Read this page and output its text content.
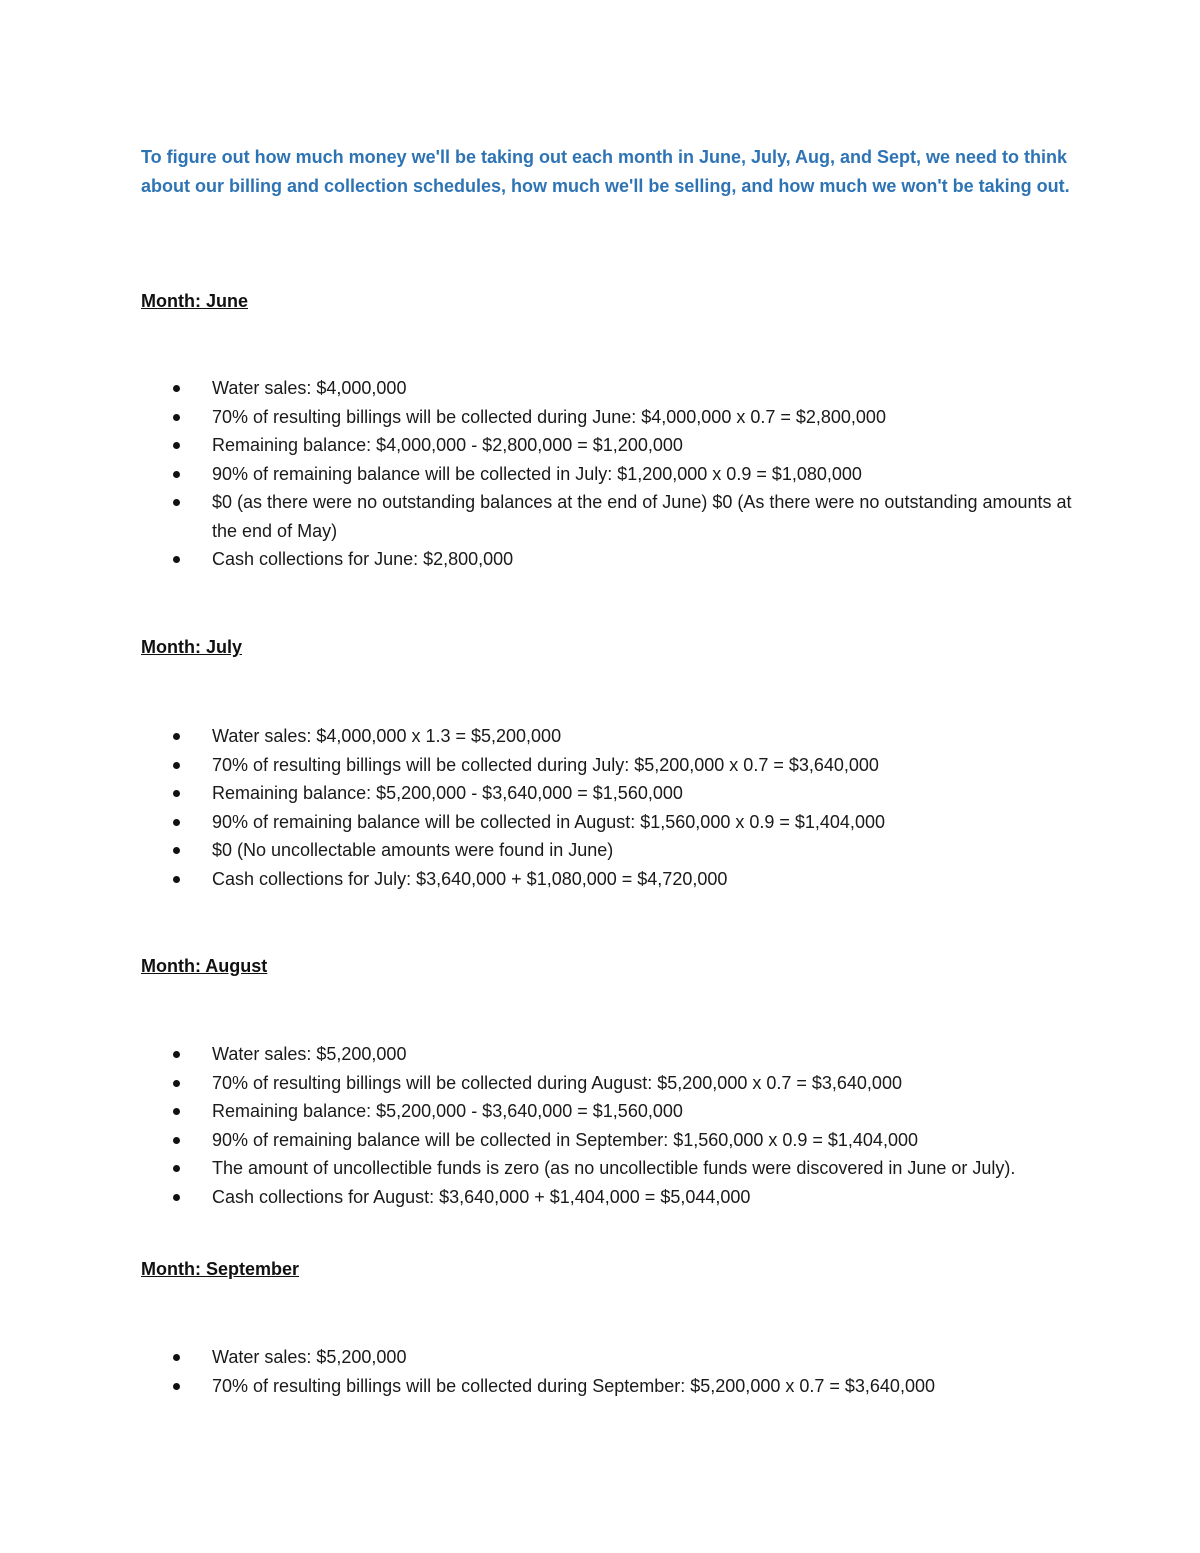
To figure out how much money we'll be taking out each month in June, July, Aug, and Sept, we need to think about our billing and collection schedules, how much we'll be selling, and how much we won't be taking out.

Month: June
Water sales: $4,000,000
70% of resulting billings will be collected during June: $4,000,000 x 0.7 = $2,800,000
Remaining balance: $4,000,000 - $2,800,000 = $1,200,000
90% of remaining balance will be collected in July: $1,200,000 x 0.9 = $1,080,000
$0 (as there were no outstanding balances at the end of June) $0 (As there were no outstanding amounts at the end of May)
Cash collections for June: $2,800,000
Month: July
Water sales: $4,000,000 x 1.3 = $5,200,000
70% of resulting billings will be collected during July: $5,200,000 x 0.7 = $3,640,000
Remaining balance: $5,200,000 - $3,640,000 = $1,560,000
90% of remaining balance will be collected in August: $1,560,000 x 0.9 = $1,404,000
$0 (No uncollectable amounts were found in June)
Cash collections for July: $3,640,000 + $1,080,000 = $4,720,000
Month: August
Water sales: $5,200,000
70% of resulting billings will be collected during August: $5,200,000 x 0.7 = $3,640,000
Remaining balance: $5,200,000 - $3,640,000 = $1,560,000
90% of remaining balance will be collected in September: $1,560,000 x 0.9 = $1,404,000
The amount of uncollectible funds is zero (as no uncollectible funds were discovered in June or July).
Cash collections for August: $3,640,000 + $1,404,000 = $5,044,000
Month: September
Water sales: $5,200,000
70% of resulting billings will be collected during September: $5,200,000 x 0.7 = $3,640,000
